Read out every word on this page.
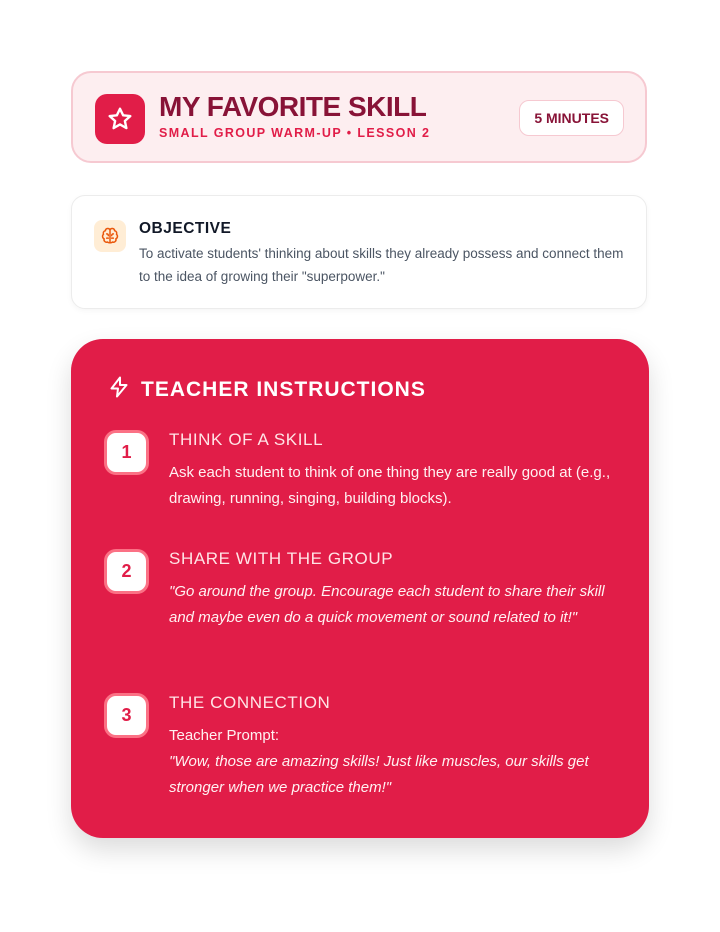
MY FAVORITE SKILL
SMALL GROUP WARM-UP • LESSON 2
5 MINUTES
OBJECTIVE
To activate students' thinking about skills they already possess and connect them to the idea of growing their "superpower."
TEACHER INSTRUCTIONS
1
THINK OF A SKILL
Ask each student to think of one thing they are really good at (e.g., drawing, running, singing, building blocks).
2
SHARE WITH THE GROUP
"Go around the group. Encourage each student to share their skill and maybe even do a quick movement or sound related to it!"
3
THE CONNECTION
Teacher Prompt:
"Wow, those are amazing skills! Just like muscles, our skills get stronger when we practice them!"
